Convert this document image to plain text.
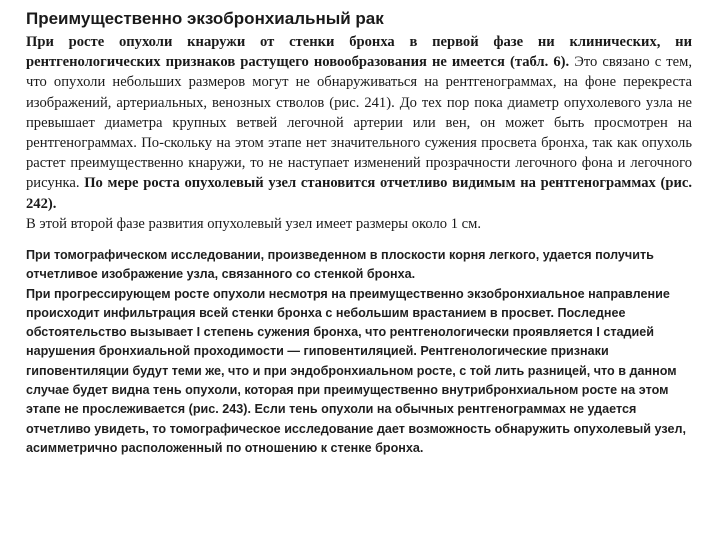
Преимущественно экзобронхиальный рак
При росте опухоли кнаружи от стенки бронха в первой фазе ни клинических, ни рентгенологических признаков растущего новообразования не имеется (табл. 6). Это связано с тем, что опухоли небольших размеров могут не обнаруживаться на рентгенограммах, на фоне перекреста изображений, артериальных, венозных стволов (рис. 241). До тех пор пока диаметр опухолевого узла не превышает диаметра крупных ветвей легочной артерии или вен, он может быть просмотрен на рентгенограммах. По-скольку на этом этапе нет значительного сужения просвета бронха, так как опухоль растет преимущественно кнаружи, то не наступает изменений прозрачности легочного фона и легочного рисунка. По мере роста опухолевый узел становится отчетливо видимым на рентгенограммах (рис. 242).
В этой второй фазе развития опухолевый узел имеет размеры около 1 см.

При томографическом исследовании, произведенном в плоскости корня легкого, удается получить отчетливое изображение узла, связанного со стенкой бронха.

При прогрессирующем росте опухоли несмотря на преимущественно экзобронхиальное направление происходит инфильтрация всей стенки бронха с небольшим врастанием в просвет. Последнее обстоятельство вызывает I степень сужения бронха, что рентгенологически проявляется I стадией нарушения бронхиальной проходимости — гиповентиляцией. Рентгенологические признаки гиповентиляции будут теми же, что и при эндобронхиальном росте, с той лить разницей, что в данном случае будет видна тень опухоли, которая при преимущественно внутрибронхиальном росте на этом этапе не прослеживается (рис. 243). Если тень опухоли на обычных рентгенограммах не удается отчетливо увидеть, то томографическое исследование дает возможность обнаружить опухолевый узел, асимметрично расположенный по отношению к стенке бронха.
